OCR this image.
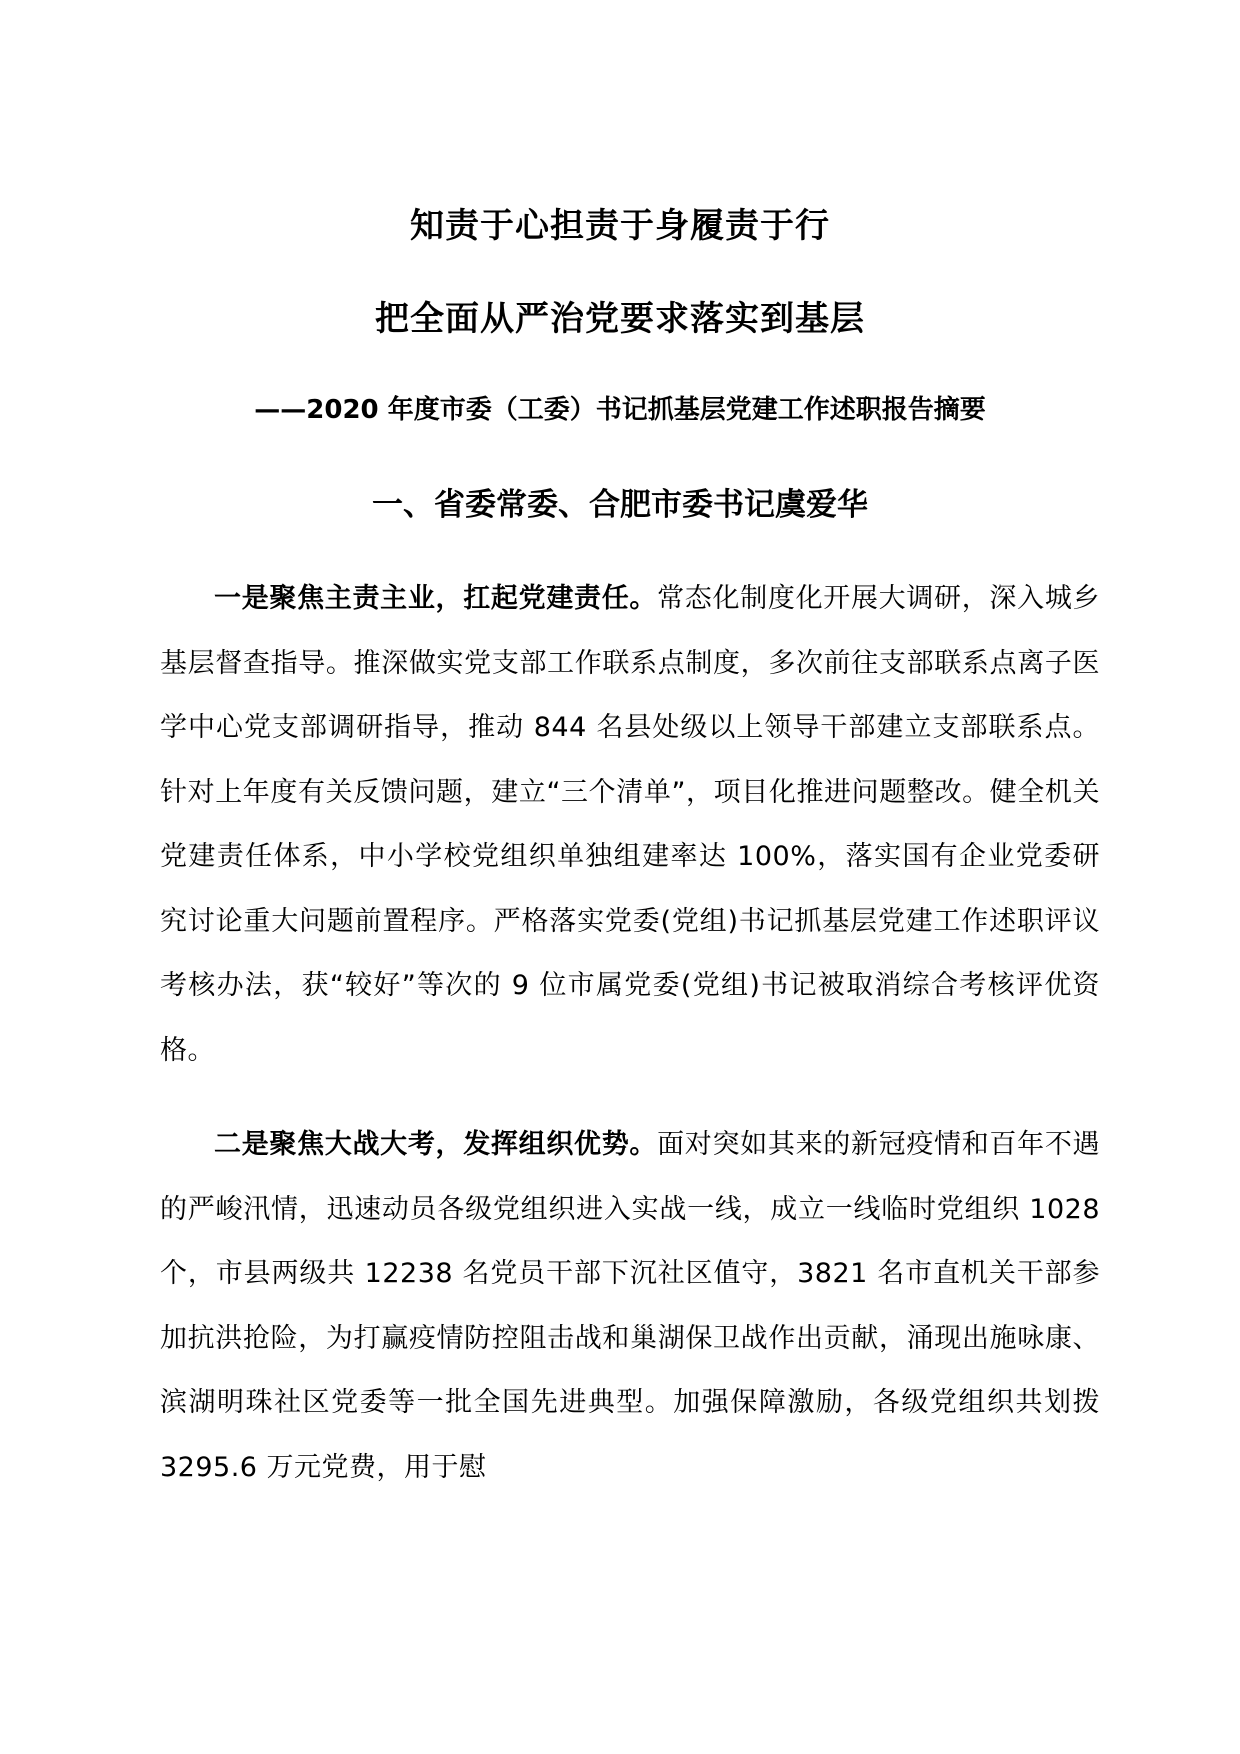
知责于心担责于身履责于行
把全面从严治党要求落实到基层
——2020 年度市委（工委）书记抓基层党建工作述职报告摘要
一、省委常委、合肥市委书记虞爱华

一是聚焦主责主业，扛起党建责任。常态化制度化开展大调研，深入城乡基层督查指导。推深做实党支部工作联系点制度，多次前往支部联系点离子医学中心党支部调研指导，推动 844 名县处级以上领导干部建立支部联系点。针对上年度有关反馈问题，建立“三个清单”，项目化推进问题整改。健全机关党建责任体系，中小学校党组织单独组建率达 100%，落实国有企业党委研究讨论重大问题前置程序。严格落实党委(党组)书记抓基层党建工作述职评议考核办法，获“较好”等次的 9 位市属党委(党组)书记被取消综合考核评优资格。

二是聚焦大战大考，发挥组织优势。面对突如其来的新冠疫情和百年不遇的严峻汛情，迅速动员各级党组织进入实战一线，成立一线临时党组织 1028 个，市县两级共 12238 名党员干部下沉社区值守，3821 名市直机关干部参加抗洪抢险，为打赢疫情防控阻击战和巢湖保卫战作出贡献，涌现出施咏康、滨湖明珠社区党委等一批全国先进典型。加强保障激励，各级党组织共划拨 3295.6 万元党费，用于慰
